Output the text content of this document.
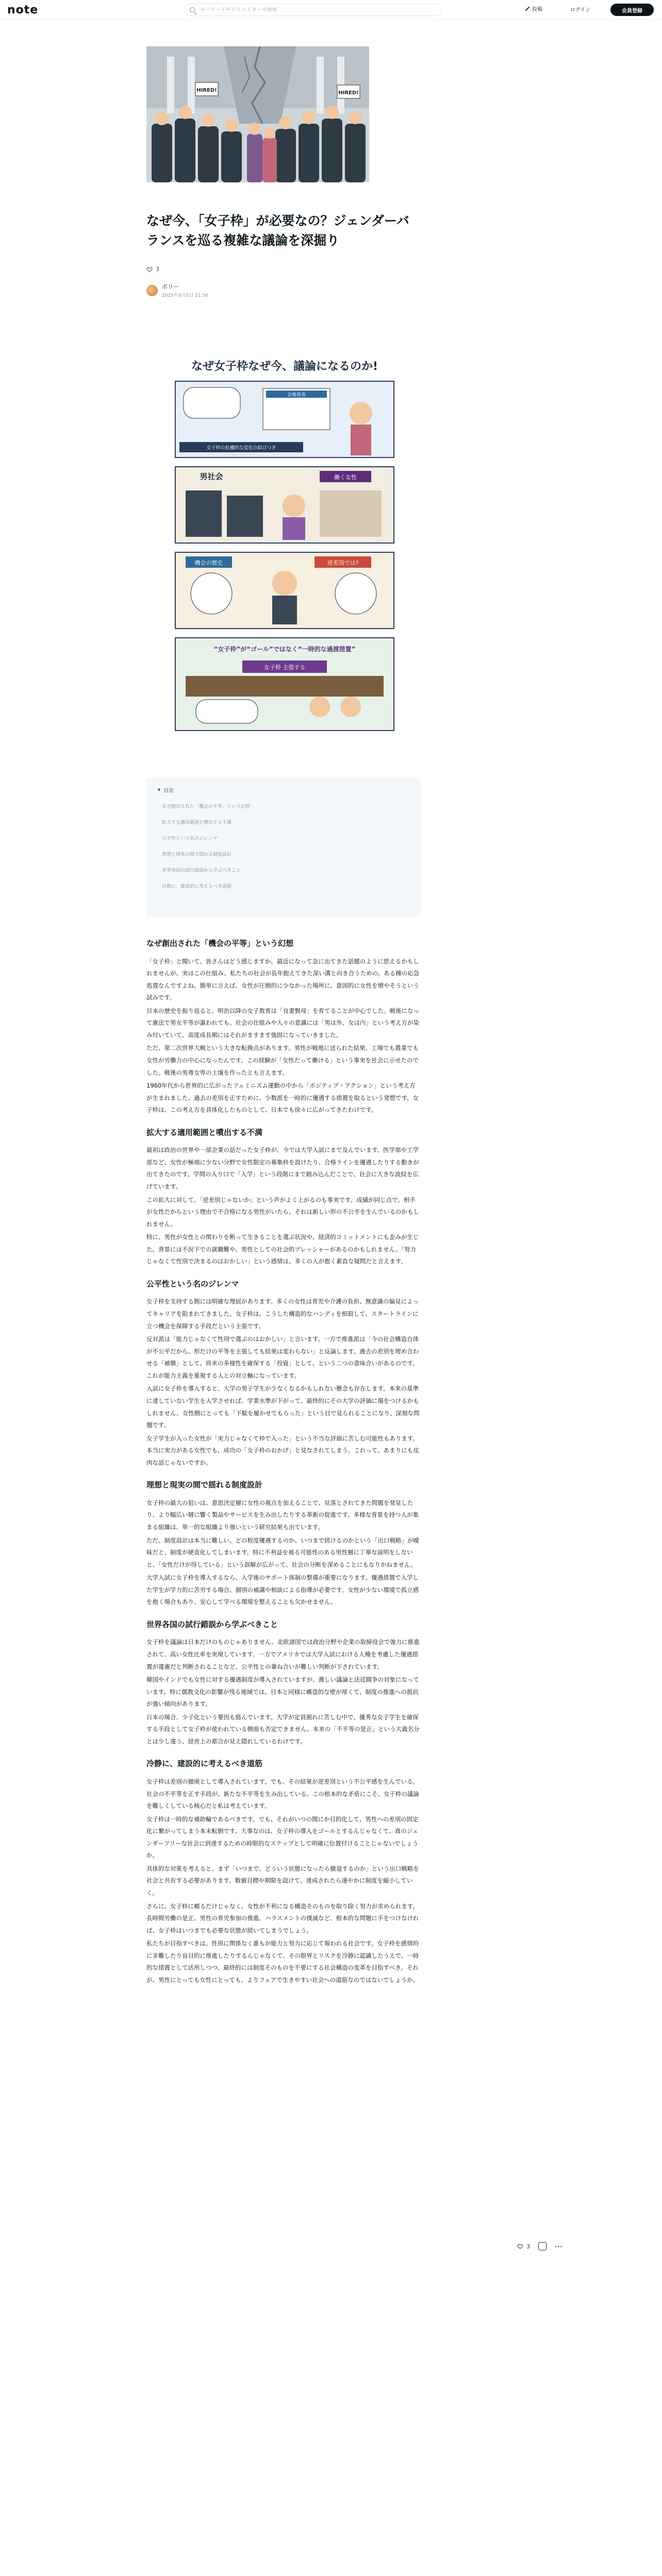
note
キーワードやクリエイターで検索	投稿	ログイン	会員登録
HIRED!	HIRED!
なぜ今、「女子枠」が必要なの？ジェンダーバランスを巡る複雑な議論を深掘り
3
ポリー
2025年6月5日 21:56
なぜ女子枠なぜ今、議論になるのか!
合格発表
女子枠の危機的な変化の結びつき
男社会	働く女性
機会の歴史	逆差別では?
“女子枠”が“ゴール”ではなく“一時的な過渡措置”
女子枠 主張する
▾ 目次
なぜ創出された「機会の平等」という幻想
拡大する適用範囲と噴出する不満
公平性という名のジレンマ
理想と現実の間で揺れる制度設計
世界各国の試行錯誤から学ぶべきこと
冷静に、建設的に考えるべき道筋
なぜ創出された「機会の平等」という幻想

「女子枠」と聞いて、皆さんはどう感じますか。最近になって急に出てきた話題のように思えるかもしれませんが、実はこの仕組み、私たちの社会が長年抱えてきた深い溝と向き合うための、ある種の応急処置なんですよね。簡単に言えば、女性が圧倒的に少なかった場所に、意図的に女性を増やそうという試みです。

日本の歴史を振り返ると、明治以降の女子教育は「良妻賢母」を育てることが中心でした。戦後になって憲法で男女平等が謳われても、社会の仕組みや人々の意識には「男は外、女は内」という考え方が染み付いていて、高度成長期にはそれがますます強固になっていきました。

ただ、第二次世界大戦という大きな転換点があります。男性が戦地に送られた結果、工場でも農業でも女性が労働力の中心になったんです。この経験が「女性だって働ける」という事実を社会に示せたのでした。戦後の男尊女卑の土壌を作ったとも言えます。

1960年代から世界的に広がったフェミニズム運動の中から「ポジティブ・アクション」という考え方が生まれました。過去の差別を正すために、少数派を一時的に優遇する措置を取るという発想です。女子枠は、この考え方を具体化したものとして、日本でも徐々に広がってきたわけです。

拡大する適用範囲と噴出する不満

最初は政治の世界や一部企業の話だった女子枠が、今では大学入試にまで及んでいます。医学部や工学部など、女性が極端に少ない分野で女性限定の募集枠を設けたり、合格ラインを優遇したりする動きが出てきたのです。学問の入り口で「入学」という段階にまで踏み込んだことで、社会に大きな波紋を広げています。

この拡大に対して、「逆差別じゃないか」という声がよく上がるのも事実です。成績が同じ点で、相手が女性だからという理由で不合格になる男性がいたら、それは新しい形の不公平を生んでいるのかもしれません。

特に、男性が女性との関わりを断って生きることを選ぶ状況や、経済的コミットメントにも歪みが生じた。背景には不況下での就職難や、男性としての社会的プレッシャーがあるのかもしれません。「努力じゃなくて性別で決まるのはおかしい」という感情は、多くの人が抱く素直な疑問だと言えます。

公平性という名のジレンマ

女子枠を支持する側には明確な理屈があります。多くの女性は育児や介護の負担、無意識の偏見によってキャリアを阻まれてきました。女子枠は、こうした構造的なハンディを相殺して、スタートラインに立つ機会を保障する手段だという主張です。

反対派は「能力じゃなくて性別で選ぶのはおかしい」と言います。一方で推進派は「今の社会構造自体が不公平だから、形だけの平等を主張しても結果は変わらない」と反論します。過去の差別を埋め合わせる「補償」として、将来の多様性を確保する「投資」として、という二つの意味合いがあるのです。これが能力主義を重視する人との対立軸になっています。

入試に女子枠を導入すると、大学の男子学生が少なくなるかもしれない懸念も存在します。本来の基準に達していない学生を入学させれば、学業水準が下がって、最終的にその大学の評価に傷をつけるかもしれません。女性側にとっても「下駄を履かせてもらった」という目で見られることになり、深刻な問題です。

女子学生が入った女性が「実力じゃなくて枠で入った」という不当な評価に苦しむ可能性もあります。本当に実力がある女性でも、成功の「女子枠のおかげ」と見なされてしまう。これって、あまりにも皮肉な話じゃないですか。

理想と現実の間で揺れる制度設計

女子枠の最大の狙いは、意思決定層に女性の視点を加えることで、見落とされてきた問題を発見したり、より幅広い層に響く製品やサービスを生み出したりする革新の促進です。多様な背景を持つ人が集まる組織は、単一的な組織より強いという研究結果も出ています。

ただ、制度設計は本当に難しい。どの程度優遇するのか、いつまで続けるのかという「出口戦略」が曖昧だと、制度が硬直化してしまいます。特に不利益を被る可能性のある男性層に丁寧な説明をしないと、「女性だけが得している」という誤解が広がって、社会の分断を深めることにもなりかねません。

大学入試に女子枠を導入するなら、入学後のサポート体制の整備が重要になります。優遇措置で入学した学生が学力的に苦労する場合、個別の補講や相談による指導が必要です。女性が少ない環境で孤立感を抱く場合もあり、安心して学べる環境を整えることも欠かせません。

世界各国の試行錯誤から学ぶべきこと

女子枠を議論は日本だけのものじゃありません。北欧諸国では政治分野や企業の取締役会で強力に推進されて、高い女性比率を実現しています。一方でアメリカでは大学入試における人種を考慮した優遇措置が違憲だと判断されることなど、公平性との兼ね合いが難しい判断が下されています。

韓国やインドでも女性に対する優遇制度が導入されていますが、激しい議論と法廷闘争の対象になっています。特に儒教文化の影響が残る地域では、日本と同様に構造的な壁が厚くて、制度の推進への抵抗が強い傾向があります。

日本の場合、少子化という要因も絡んでいます。大学が定員割れに苦しむ中で、優秀な女子学生を確保する手段として女子枠が使われている側面も否定できません。本来の「不平等の是正」という大義名分とは少し違う、経営上の都合が見え隠れしているわけです。

冷静に、建設的に考えるべき道筋

女子枠は差別の撤廃として導入されています。でも、その結果が逆差別という不公平感を生んでいる。社会の不平等を正す手段が、新たな不平等を生み出している。この根本的な矛盾にこそ、女子枠の議論を難しくしている核心だと私は考えています。

女子枠は一時的な補助輪であるべきです。でも、それがいつの間にか目的化して、男性への差別の固定化に繋がってしまう本末転倒です。大事なのは、女子枠の導入をゴールとするんじゃなくて、真のジェンダーフリーな社会に到達するための時限的なステップとして明確に位置付けることじゃないでしょうか。

具体的な対策を考えると、まず「いつまで、どういう状態になったら撤退するのか」という出口戦略を社会と共有する必要があります。数値目標や期限を設けて、達成されたら速やかに制度を縮小していく。

さらに、女子枠に頼るだけじゃなく、女性が不利になる構造そのものを取り除く努力が求められます。長時間労働の是正、男性の育児参加の推進、ハラスメントの撲滅など、根本的な問題に手をつけなければ、女子枠はいつまでも必要な状態が続いてしまうでしょう。

私たちが目指すべきは、性別に関係なく誰もが能力と努力に応じて報われる社会です。女子枠を感情的に非難したり盲目的に推進したりするんじゃなくて、その限界とリスクを冷静に認識したうえで、一時的な措置として活用しつつ、最終的には制度そのものを不要にする社会構造の変革を目指すべき。それが、男性にとっても女性にとっても、よりフェアで生きやすい社会への道筋なのではないでしょうか。

3	···
